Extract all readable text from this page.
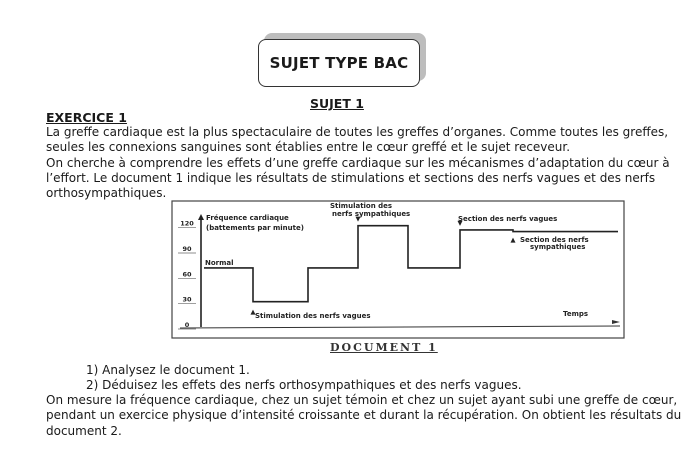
SUJET TYPE BAC
SUJET 1
EXERCICE 1
La greffe cardiaque est la plus spectaculaire de toutes les greffes d’organes. Comme toutes les greffes,
seules les connexions sanguines sont établies entre le cœur greffé et le sujet receveur.
On cherche à comprendre les effets d’une greffe cardiaque sur les mécanismes d’adaptation du cœur à
l’effort. Le document 1 indique les résultats de stimulations et sections des nerfs vagues et des nerfs
orthosympathiques.
0
30
60
90
120
Fréquence cardiaque
(battements par minute)
Temps
Normal
Stimulation des nerfs vagues
Stimulation des
nerfs sympathiques
Section des nerfs vagues
Section des nerfs
sympathiques
DOCUMENT 1
1) Analysez le document 1.
2) Déduisez les effets des nerfs orthosympathiques et des nerfs vagues.
On mesure la fréquence cardiaque, chez un sujet témoin et chez un sujet ayant subi une greffe de cœur,
pendant un exercice physique d’intensité croissante et durant la récupération. On obtient les résultats du
document 2.
